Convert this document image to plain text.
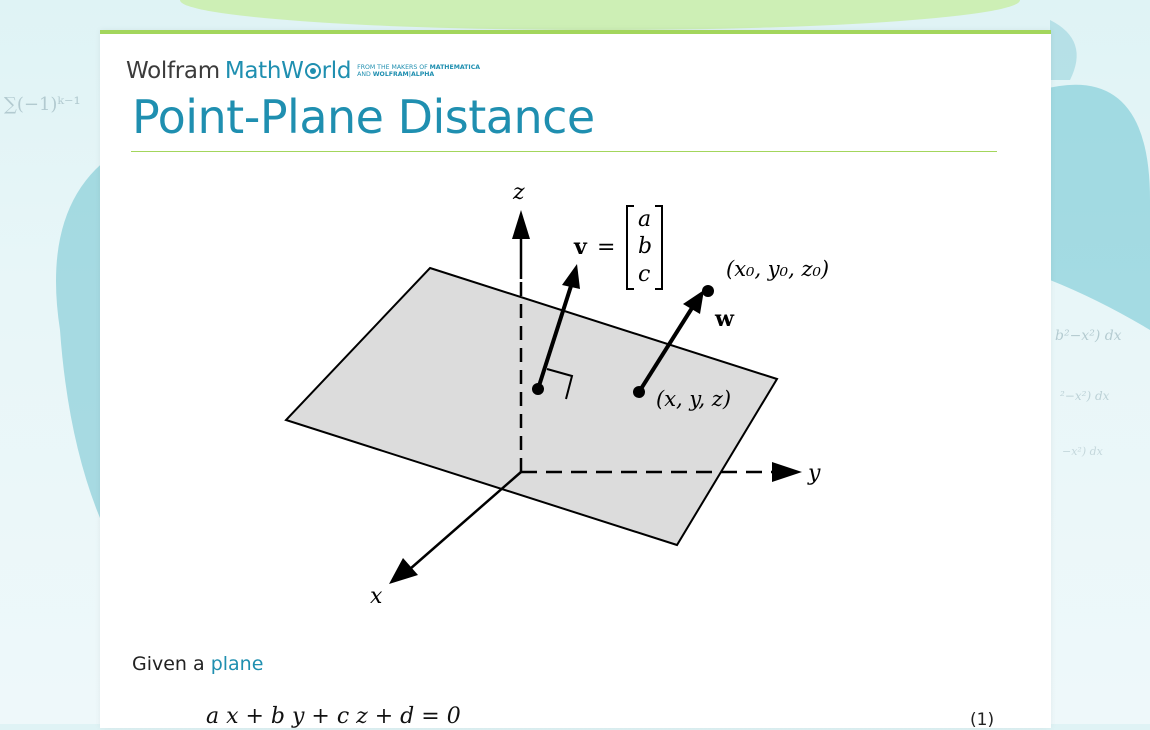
∑(−1)ᵏ⁻¹
b²−x²) dx
²−x²) dx
−x²) dx
Wolfram MathW rld FROM THE MAKERS OF MATHEMATICA
AND WOLFRAM|ALPHA
Point-Plane Distance
z
y
x
v =
a
b
c
w
(x₀, y₀, z₀)
(x, y, z)
Given a plane
a x + b y + c z + d = 0	(1)
